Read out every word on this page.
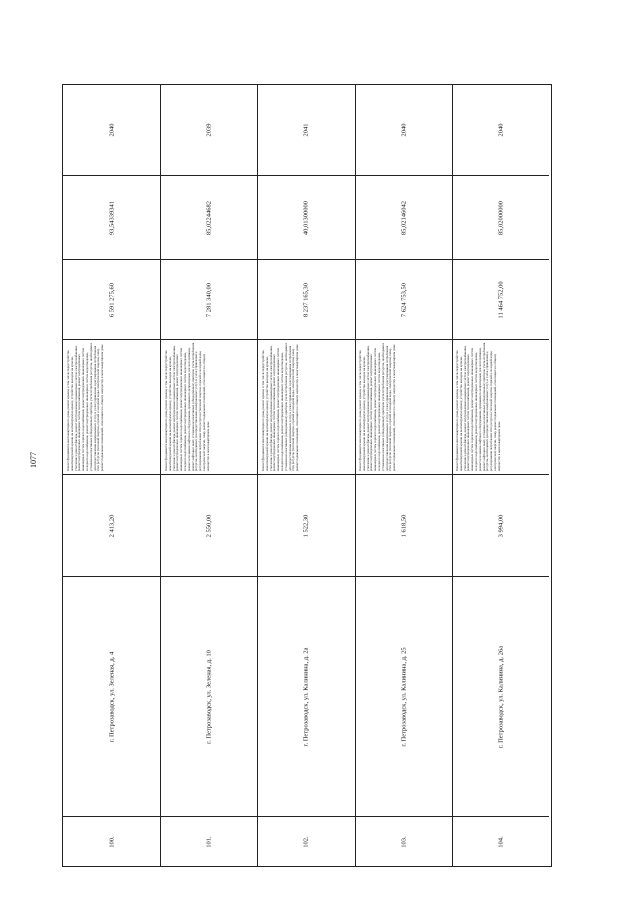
1077
100.
г. Петрозаводск, ул. Зеленая, д. 4
2 413,20
Ремонт фундамента многоквартирного дома, ремонт крыши, в том числе переустройство невентилируемой крыши на вентилируемую крышу, устройство выходов на кровлю, утепление и ремонт фасада, ремонт внутридомовых инженерных систем электроснабжения, ремонт внутридомовых инженерных систем теплоснабжения, ремонт внутридомовых инженерных систем горячего водоснабжения, ремонт внутридомовых инженерных систем холодного водоснабжения, ремонт внутридомовых инженерных систем водоотведения, установка коллективных (общедомовых) приборов учета потребления ресурсов, необходимых для предоставления коммунальных услуг, и узлов управления и регулирования потребления этих ресурсов (тепловой энергии, горячей и холодной воды, электрической энергии, газа), ремонт подвальных помещений, относящихся к общему имуществу в многоквартирном доме
6 591 275,60
93,54339341
2040
101.
г. Петрозаводск, ул. Зеленая, д. 10
2 550,00
Ремонт фундамента многоквартирного дома, ремонт крыши, в том числе переустройство невентилируемой крыши на вентилируемую крышу, устройство выходов на кровлю, утепление и ремонт фасада, ремонт внутридомовых инженерных систем электроснабжения, ремонт внутридомовых инженерных систем теплоснабжения, ремонт внутридомовых инженерных систем горячего водоснабжения, ремонт внутридомовых инженерных систем холодного водоснабжения, ремонт внутридомовых инженерных систем водоотведения, ремонт или замена лифтового оборудования, признанного непригодным для эксплуатации, ремонт лифтовых шахт, установка коллективных (общедомовых) приборов учета потребления ресурсов, необходимых для предоставления коммунальных услуг, и узлов управления и регулирования потребления этих ресурсов (тепловой энергии, горячей и холодной воды, электрической энергии, газа), ремонт подвальных помещений, относящихся к общему имуществу в многоквартирном доме
7 281 340,00
85,02244682
2039
102.
г. Петрозаводск, ул. Калинина, д. 2а
1 522,30
Ремонт фундамента многоквартирного дома, ремонт крыши, в том числе переустройство невентилируемой крыши на вентилируемую крышу, устройство выходов на кровлю, утепление и ремонт фасада, ремонт внутридомовых инженерных систем электроснабжения, ремонт внутридомовых инженерных систем теплоснабжения, ремонт внутридомовых инженерных систем горячего водоснабжения, ремонт внутридомовых инженерных систем холодного водоснабжения, ремонт внутридомовых инженерных систем водоотведения, установка коллективных (общедомовых) приборов учета потребления ресурсов, необходимых для предоставления коммунальных услуг, и узлов управления и регулирования потребления этих ресурсов (тепловой энергии, горячей и холодной воды, электрической энергии, газа), ремонт подвальных помещений, относящихся к общему имуществу в многоквартирном доме
8 237 165,30
40,01300000
2041
103.
г. Петрозаводск, ул. Калинина, д. 25
1 618,50
Ремонт фундамента многоквартирного дома, ремонт крыши, в том числе переустройство невентилируемой крыши на вентилируемую крышу, устройство выходов на кровлю, утепление и ремонт фасада, ремонт внутридомовых инженерных систем электроснабжения, ремонт внутридомовых инженерных систем теплоснабжения, ремонт внутридомовых инженерных систем горячего водоснабжения, ремонт внутридомовых инженерных систем холодного водоснабжения, ремонт внутридомовых инженерных систем водоотведения, установка коллективных (общедомовых) приборов учета потребления ресурсов, необходимых для предоставления коммунальных услуг, и узлов управления и регулирования потребления этих ресурсов (тепловой энергии, горячей и холодной воды, электрической энергии, газа), ремонт подвальных помещений, относящихся к общему имуществу в многоквартирном доме
7 624 753,50
85,02146042
2040
104.
г. Петрозаводск, ул. Калинина, д. 26а
3 994,00
Ремонт фундамента многоквартирного дома, ремонт крыши, в том числе переустройство невентилируемой крыши на вентилируемую крышу, устройство выходов на кровлю, утепление и ремонт фасада, ремонт внутридомовых инженерных систем электроснабжения, ремонт внутридомовых инженерных систем теплоснабжения, ремонт внутридомовых инженерных систем горячего водоснабжения, ремонт внутридомовых инженерных систем холодного водоснабжения, ремонт внутридомовых инженерных систем водоотведения, ремонт или замена лифтового оборудования, признанного непригодным для эксплуатации, ремонт лифтовых шахт, установка коллективных (общедомовых) приборов учета потребления ресурсов, необходимых для предоставления коммунальных услуг, и узлов управления и регулирования потребления этих ресурсов (тепловой энергии, горячей и холодной воды, электрической энергии, газа), ремонт подвальных помещений, относящихся к общему имуществу в многоквартирном доме
11 464 752,00
85,02000000
2040
